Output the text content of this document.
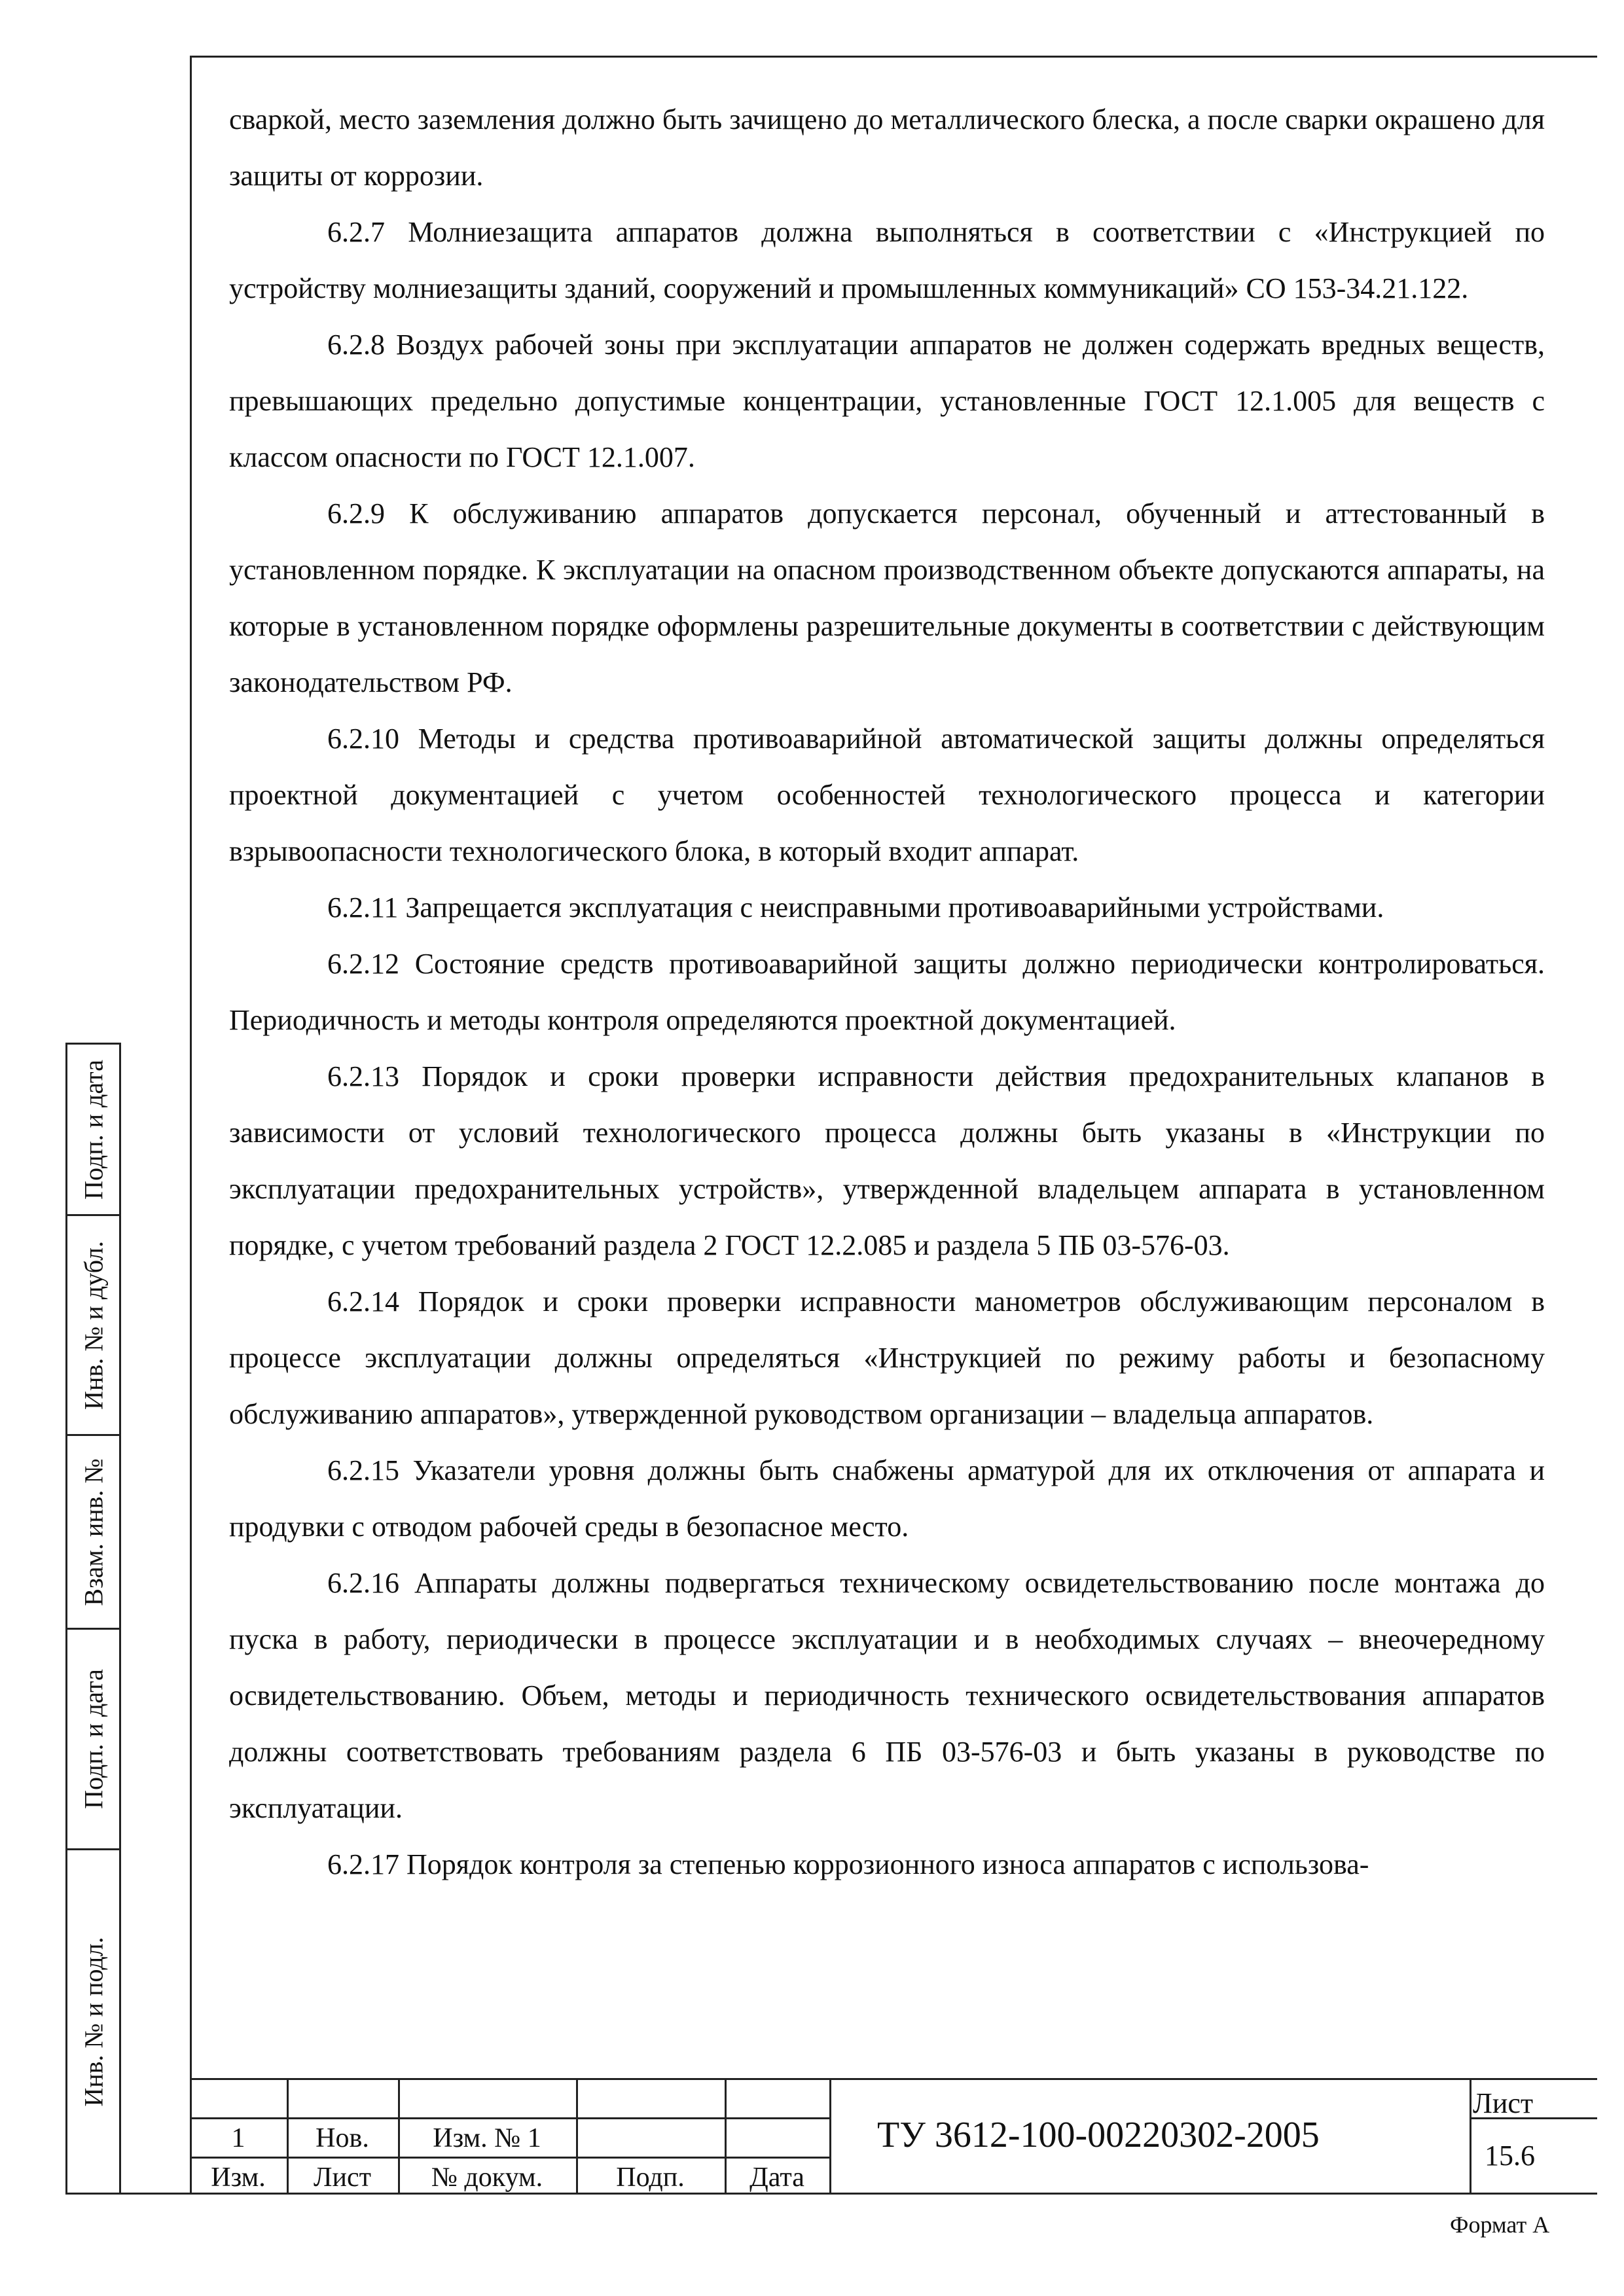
сваркой, место заземления должно быть зачищено до металлического блеска, а после сварки окрашено для защиты от коррозии.

6.2.7 Молниезащита аппаратов должна выполняться в соответствии с «Инструкцией по устройству молниезащиты зданий, сооружений и промышленных коммуникаций» СО 153-34.21.122.

6.2.8 Воздух рабочей зоны при эксплуатации аппаратов не должен содержать вредных веществ, превышающих предельно допустимые концентрации, установленные ГОСТ 12.1.005 для веществ с классом опасности по ГОСТ 12.1.007.

6.2.9 К обслуживанию аппаратов допускается персонал, обученный и аттестованный в установленном порядке. К эксплуатации на опасном производственном объекте допускаются аппараты, на которые в установленном порядке оформлены разрешительные документы в соответствии с действующим законодательством РФ.

6.2.10 Методы и средства противоаварийной автоматической защиты должны определяться проектной документацией с учетом особенностей технологического процесса и категории взрывоопасности технологического блока, в который входит аппарат.

6.2.11 Запрещается эксплуатация с неисправными противоаварийными устройствами.

6.2.12 Состояние средств противоаварийной защиты должно периодически контролироваться. Периодичность и методы контроля определяются проектной документацией.

6.2.13 Порядок и сроки проверки исправности действия предохранительных клапанов в зависимости от условий технологического процесса должны быть указаны в «Инструкции по эксплуатации предохранительных устройств», утвержденной владельцем аппарата в установленном порядке, с учетом требований раздела 2 ГОСТ 12.2.085 и раздела 5 ПБ 03-576-03.

6.2.14 Порядок и сроки проверки исправности манометров обслуживающим персоналом в процессе эксплуатации должны определяться «Инструкцией по режиму работы и безопасному обслуживанию аппаратов», утвержденной руководством организации – владельца аппаратов.

6.2.15 Указатели уровня должны быть снабжены арматурой для их отключения от аппарата и продувки с отводом рабочей среды в безопасное место.

6.2.16 Аппараты должны подвергаться техническому освидетельствованию после монтажа до пуска в работу, периодически в процессе эксплуатации и в необходимых случаях – внеочередному освидетельствованию. Объем, методы и периодичность технического освидетельствования аппаратов должны соответствовать требованиям раздела 6 ПБ 03-576-03 и быть указаны в руководстве по эксплуатации.

6.2.17 Порядок контроля за степенью коррозионного износа аппаратов с использова-

Подп. и дата
Инв. № и дубл.
Взам. инв. №
Подп. и дата
Инв. № и подл.
1	Нов.	Изм. № 1
Изм.	Лист	№ докум.	Подп.	Дата
ТУ 3612-100-00220302-2005
Лист
15.6
Формат А
